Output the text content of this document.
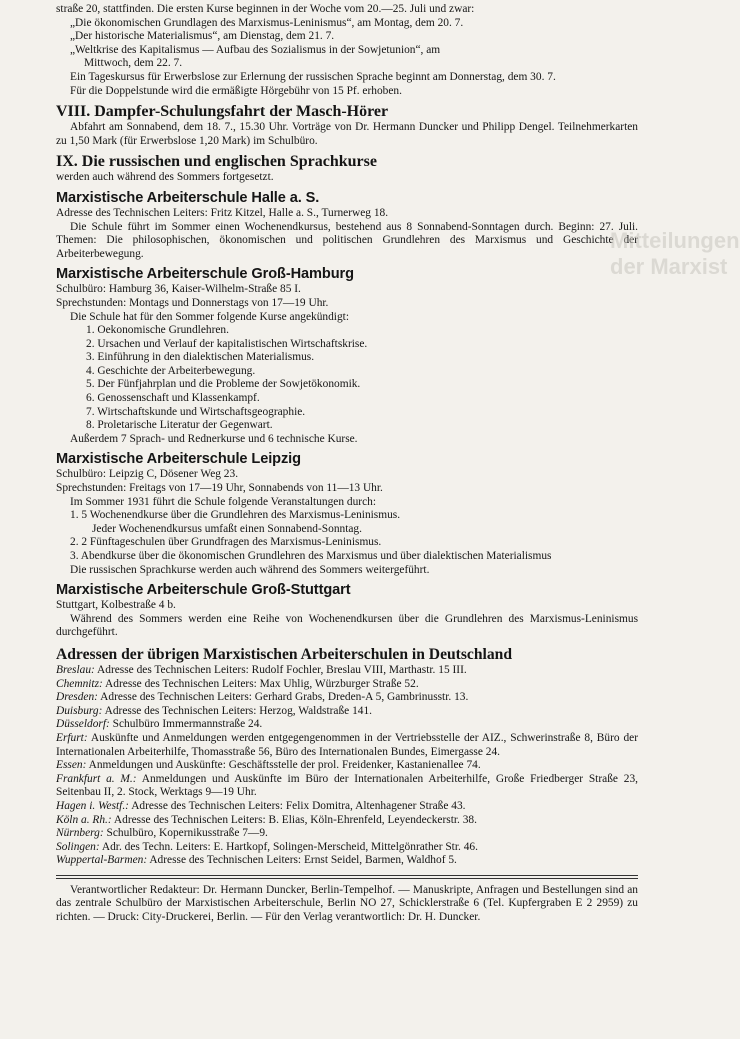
Mitteilungen
der Marxist

straße 20, stattfinden. Die ersten Kurse beginnen in der Woche vom 20.—25. Juli und zwar:

„Die ökonomischen Grundlagen des Marxismus-Leninismus“, am Montag, dem 20. 7.

„Der historische Materialismus“, am Dienstag, dem 21. 7.

„Weltkrise des Kapitalismus — Aufbau des Sozialismus in der Sowjetunion“, am

Mittwoch, dem 22. 7.

Ein Tageskursus für Erwerbslose zur Erlernung der russischen Sprache beginnt am Donnerstag, dem 30. 7.

Für die Doppelstunde wird die ermäßigte Hörgebühr von 15 Pf. erhoben.

VIII. Dampfer-Schulungsfahrt der Masch-Hörer

Abfahrt am Sonnabend, dem 18. 7., 15.30 Uhr. Vorträge von Dr. Hermann Duncker und Philipp Dengel. Teilnehmerkarten zu 1,50 Mark (für Erwerbslose 1,20 Mark) im Schulbüro.

IX. Die russischen und englischen Sprachkurse

werden auch während des Sommers fortgesetzt.

Marxistische Arbeiterschule Halle a. S.

Adresse des Technischen Leiters: Fritz Kitzel, Halle a. S., Turnerweg 18.

Die Schule führt im Sommer einen Wochenendkursus, bestehend aus 8 Sonnabend-Sonntagen durch. Beginn: 27. Juli. Themen: Die philosophischen, ökonomischen und politischen Grundlehren des Marxismus und Geschichte der Arbeiterbewegung.

Marxistische Arbeiterschule Groß-Hamburg

Schulbüro: Hamburg 36, Kaiser-Wilhelm-Straße 85 I.

Sprechstunden: Montags und Donnerstags von 17—19 Uhr.

Die Schule hat für den Sommer folgende Kurse angekündigt:

1. Oekonomische Grundlehren.
2. Ursachen und Verlauf der kapitalistischen Wirtschaftskrise.
3. Einführung in den dialektischen Materialismus.
4. Geschichte der Arbeiterbewegung.
5. Der Fünfjahrplan und die Probleme der Sowjetökonomik.
6. Genossenschaft und Klassenkampf.
7. Wirtschaftskunde und Wirtschaftsgeographie.
8. Proletarische Literatur der Gegenwart.

Außerdem 7 Sprach- und Rednerkurse und 6 technische Kurse.

Marxistische Arbeiterschule Leipzig

Schulbüro: Leipzig C, Dösener Weg 23.

Sprechstunden: Freitags von 17—19 Uhr, Sonnabends von 11—13 Uhr.

Im Sommer 1931 führt die Schule folgende Veranstaltungen durch:

1. 5 Wochenendkurse über die Grundlehren des Marxismus-Leninismus.

Jeder Wochenendkursus umfaßt einen Sonnabend-Sonntag.

2. 2 Fünftageschulen über Grundfragen des Marxismus-Leninismus.

3. Abendkurse über die ökonomischen Grundlehren des Marxismus und über dialektischen Materialismus

Die russischen Sprachkurse werden auch während des Sommers weitergeführt.

Marxistische Arbeiterschule Groß-Stuttgart

Stuttgart, Kolbestraße 4 b.

Während des Sommers werden eine Reihe von Wochenendkursen über die Grundlehren des Marxismus-Leninismus durchgeführt.

Adressen der übrigen Marxistischen Arbeiterschulen in Deutschland

Breslau: Adresse des Technischen Leiters: Rudolf Fochler, Breslau VIII, Marthastr. 15 III.

Chemnitz: Adresse des Technischen Leiters: Max Uhlig, Würzburger Straße 52.

Dresden: Adresse des Technischen Leiters: Gerhard Grabs, Dreden-A 5, Gambrinusstr. 13.

Duisburg: Adresse des Technischen Leiters: Herzog, Waldstraße 141.

Düsseldorf: Schulbüro Immermannstraße 24.

Erfurt: Auskünfte und Anmeldungen werden entgegengenommen in der Vertriebsstelle der AIZ., Schwerinstraße 8, Büro der Internationalen Arbeiterhilfe, Thomasstraße 56, Büro des Internationalen Bundes, Eimergasse 24.

Essen: Anmeldungen und Auskünfte: Geschäftsstelle der prol. Freidenker, Kastanienallee 74.

Frankfurt a. M.: Anmeldungen und Auskünfte im Büro der Internationalen Arbeiterhilfe, Große Friedberger Straße 23, Seitenbau II, 2. Stock, Werktags 9—19 Uhr.

Hagen i. Westf.: Adresse des Technischen Leiters: Felix Domitra, Altenhagener Straße 43.

Köln a. Rh.: Adresse des Technischen Leiters: B. Elias, Köln-Ehrenfeld, Leyendeckerstr. 38.

Nürnberg: Schulbüro, Kopernikusstraße 7—9.

Solingen: Adr. des Techn. Leiters: E. Hartkopf, Solingen-Merscheid, Mittelgönrather Str. 46.

Wuppertal-Barmen: Adresse des Technischen Leiters: Ernst Seidel, Barmen, Waldhof 5.

Verantwortlicher Redakteur: Dr. Hermann Duncker, Berlin-Tempelhof. — Manuskripte, Anfragen und Bestellungen sind an das zentrale Schulbüro der Marxistischen Arbeiterschule, Berlin NO 27, Schicklerstraße 6 (Tel. Kupfergraben E 2 2959) zu richten. — Druck: City-Druckerei, Berlin. — Für den Verlag verantwortlich: Dr. H. Duncker.
